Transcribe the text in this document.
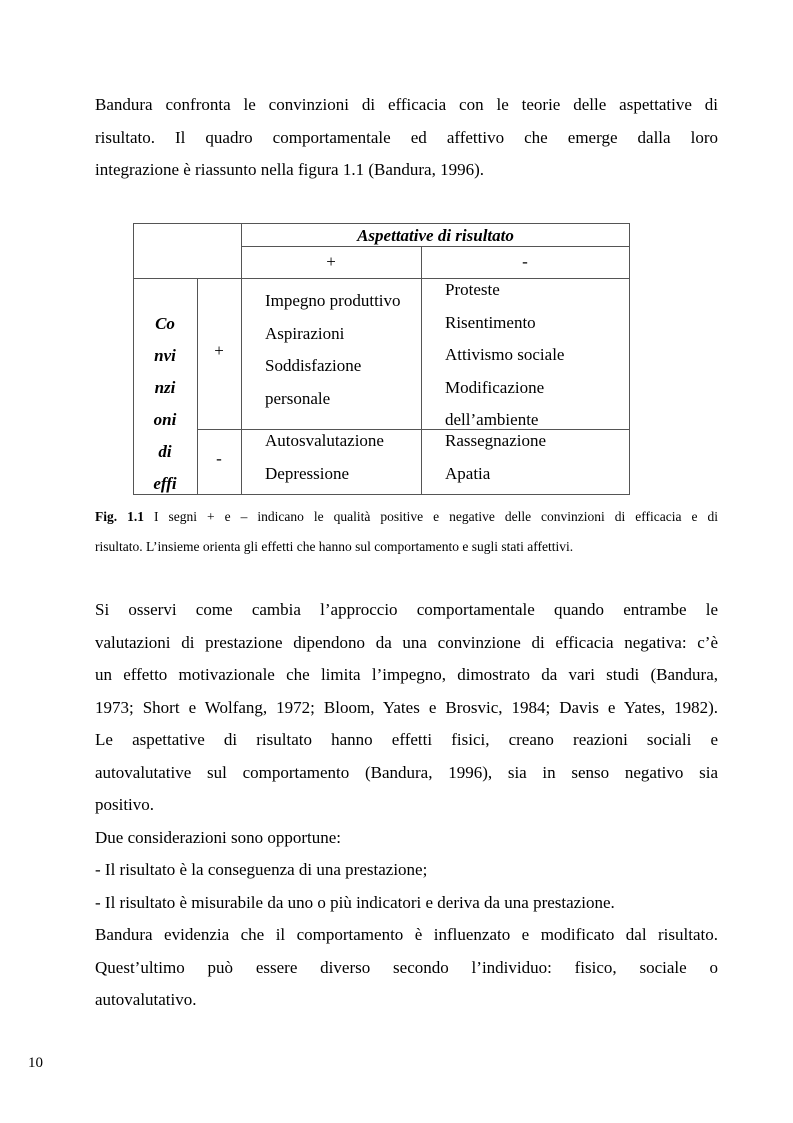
Bandura confronta le convinzioni di efficacia con le teorie delle aspettative di
risultato. Il quadro comportamentale ed affettivo che emerge dalla loro
integrazione è riassunto nella figura 1.1 (Bandura, 1996).
Aspettative di risultato
+	-
Co
nvi
nzi
oni
di
effi
+
-
Impegno produttivo
Aspirazioni
Soddisfazione
personale
Proteste
Risentimento
Attivismo sociale
Modificazione
dell’ambiente
Autosvalutazione
Depressione
Rassegnazione
Apatia
Fig. 1.1 I segni + e – indicano le qualità positive e negative delle convinzioni di efficacia e di
risultato. L’insieme orienta gli effetti che hanno sul comportamento e sugli stati affettivi.
Si osservi come cambia l’approccio comportamentale quando entrambe le
valutazioni di prestazione dipendono da una convinzione di efficacia negativa: c’è
un effetto motivazionale che limita l’impegno, dimostrato da vari studi (Bandura,
1973; Short e Wolfang, 1972; Bloom, Yates e Brosvic, 1984; Davis e Yates, 1982).
Le aspettative di risultato hanno effetti fisici, creano reazioni sociali e
autovalutative sul comportamento (Bandura, 1996), sia in senso negativo sia
positivo.
Due considerazioni sono opportune:
- Il risultato è la conseguenza di una prestazione;
- Il risultato è misurabile da uno o più indicatori e deriva da una prestazione.
Bandura evidenzia che il comportamento è influenzato e modificato dal risultato.
Quest’ultimo può essere diverso secondo l’individuo: fisico, sociale o
autovalutativo.
10
